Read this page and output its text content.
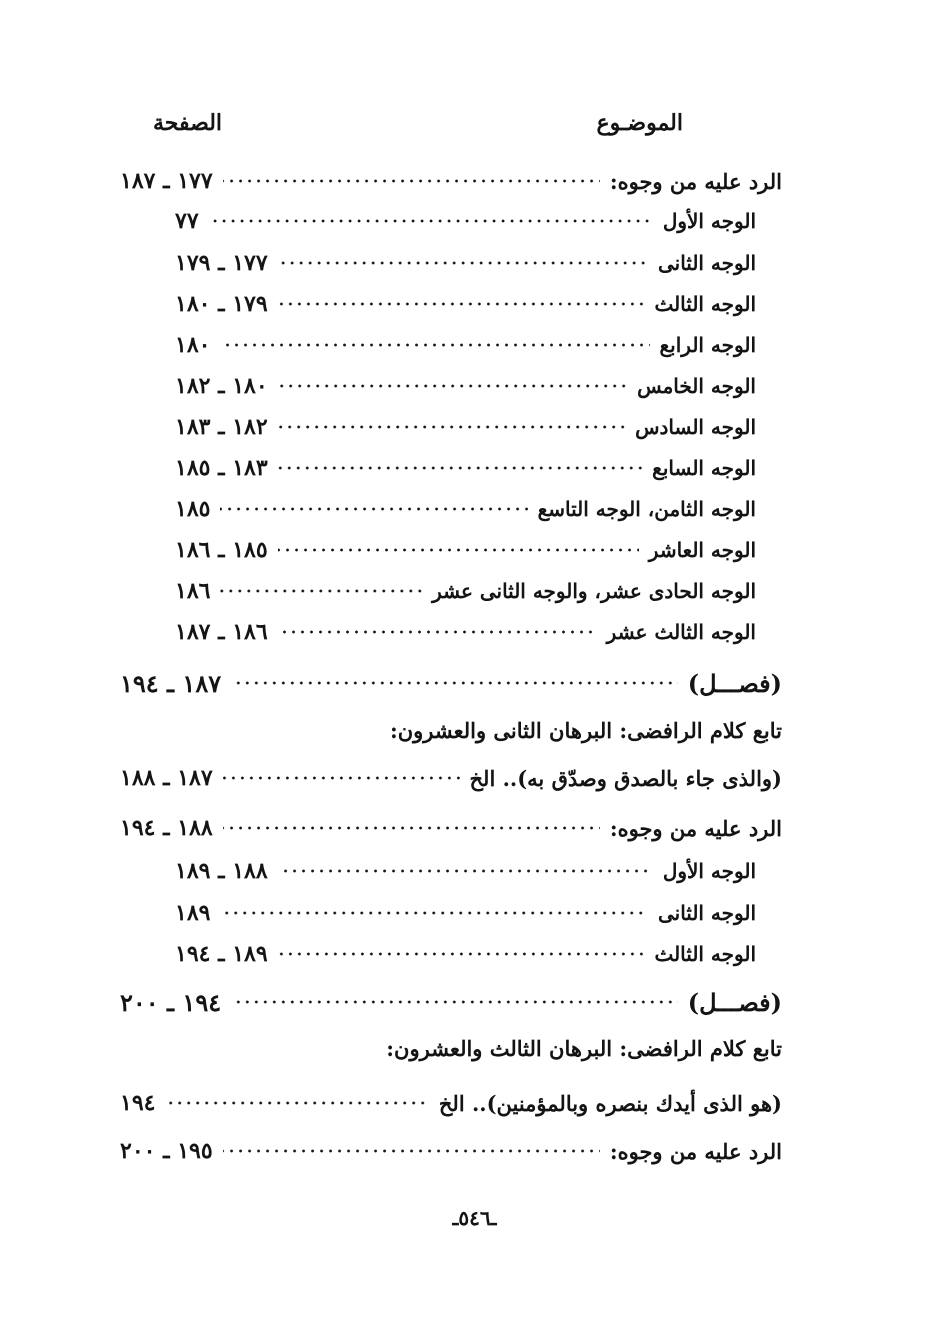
الموضـوع
الصفحة
الرد عليه من وجوه:
١٧٧ ـ ١٨٧
الوجه الأول
٧٧
الوجه الثانى
١٧٧ ـ ١٧٩
الوجه الثالث
١٧٩ ـ ١٨٠
الوجه الرابع
١٨٠
الوجه الخامس
١٨٠ ـ ١٨٢
الوجه السادس
١٨٢ ـ ١٨٣
الوجه السابع
١٨٣ ـ ١٨٥
الوجه الثامن، الوجه التاسع
١٨٥
الوجه العاشر
١٨٥ ـ ١٨٦
الوجه الحادى عشر، والوجه الثانى عشر
١٨٦
الوجه الثالث عشر
١٨٦ ـ ١٨٧
(فصـــل)
١٨٧ ـ ١٩٤
تابع كلام الرافضى: البرهان الثانى والعشرون:
(والذى جاء بالصدق وصدّق به).. الخ
١٨٧ ـ ١٨٨
الرد عليه من وجوه:
١٨٨ ـ ١٩٤
الوجه الأول
١٨٨ ـ ١٨٩
الوجه الثانى
١٨٩
الوجه الثالث
١٨٩ ـ ١٩٤
(فصـــل)
١٩٤ ـ ٢٠٠
تابع كلام الرافضى: البرهان الثالث والعشرون:
(هو الذى أيدك بنصره وبالمؤمنين).. الخ
١٩٤
الرد عليه من وجوه:
١٩٥ ـ ٢٠٠
ـ٥٤٦ـ
